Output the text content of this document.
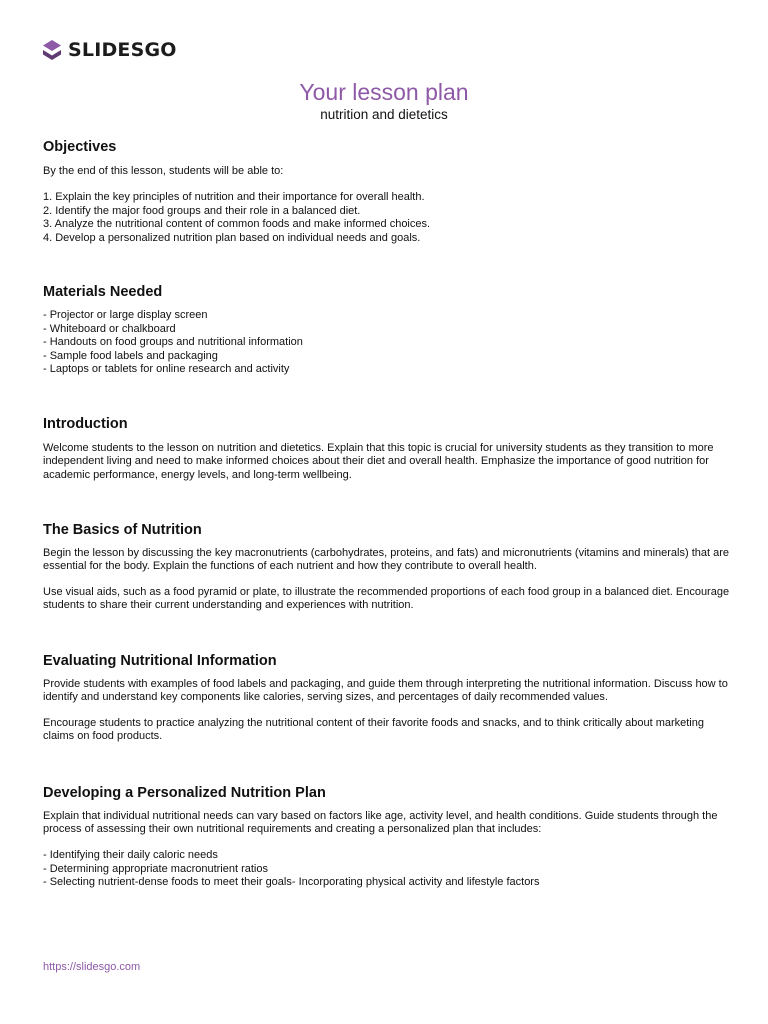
SLIDESGO
Your lesson plan
nutrition and dietetics
Objectives

By the end of this lesson, students will be able to:

1. Explain the key principles of nutrition and their importance for overall health.

2. Identify the major food groups and their role in a balanced diet.

3. Analyze the nutritional content of common foods and make informed choices.

4. Develop a personalized nutrition plan based on individual needs and goals.

Materials Needed

- Projector or large display screen

- Whiteboard or chalkboard

- Handouts on food groups and nutritional information

- Sample food labels and packaging

- Laptops or tablets for online research and activity

Introduction

Welcome students to the lesson on nutrition and dietetics. Explain that this topic is crucial for university students as they transition to more independent living and need to make informed choices about their diet and overall health. Emphasize the importance of good nutrition for academic performance, energy levels, and long-term wellbeing.

The Basics of Nutrition

Begin the lesson by discussing the key macronutrients (carbohydrates, proteins, and fats) and micronutrients (vitamins and minerals) that are essential for the body. Explain the functions of each nutrient and how they contribute to overall health.

Use visual aids, such as a food pyramid or plate, to illustrate the recommended proportions of each food group in a balanced diet. Encourage students to share their current understanding and experiences with nutrition.

Evaluating Nutritional Information

Provide students with examples of food labels and packaging, and guide them through interpreting the nutritional information. Discuss how to identify and understand key components like calories, serving sizes, and percentages of daily recommended values.

Encourage students to practice analyzing the nutritional content of their favorite foods and snacks, and to think critically about marketing claims on food products.

Developing a Personalized Nutrition Plan

Explain that individual nutritional needs can vary based on factors like age, activity level, and health conditions. Guide students through the process of assessing their own nutritional requirements and creating a personalized plan that includes:

- Identifying their daily caloric needs

- Determining appropriate macronutrient ratios

- Selecting nutrient-dense foods to meet their goals- Incorporating physical activity and lifestyle factors

https://slidesgo.com
